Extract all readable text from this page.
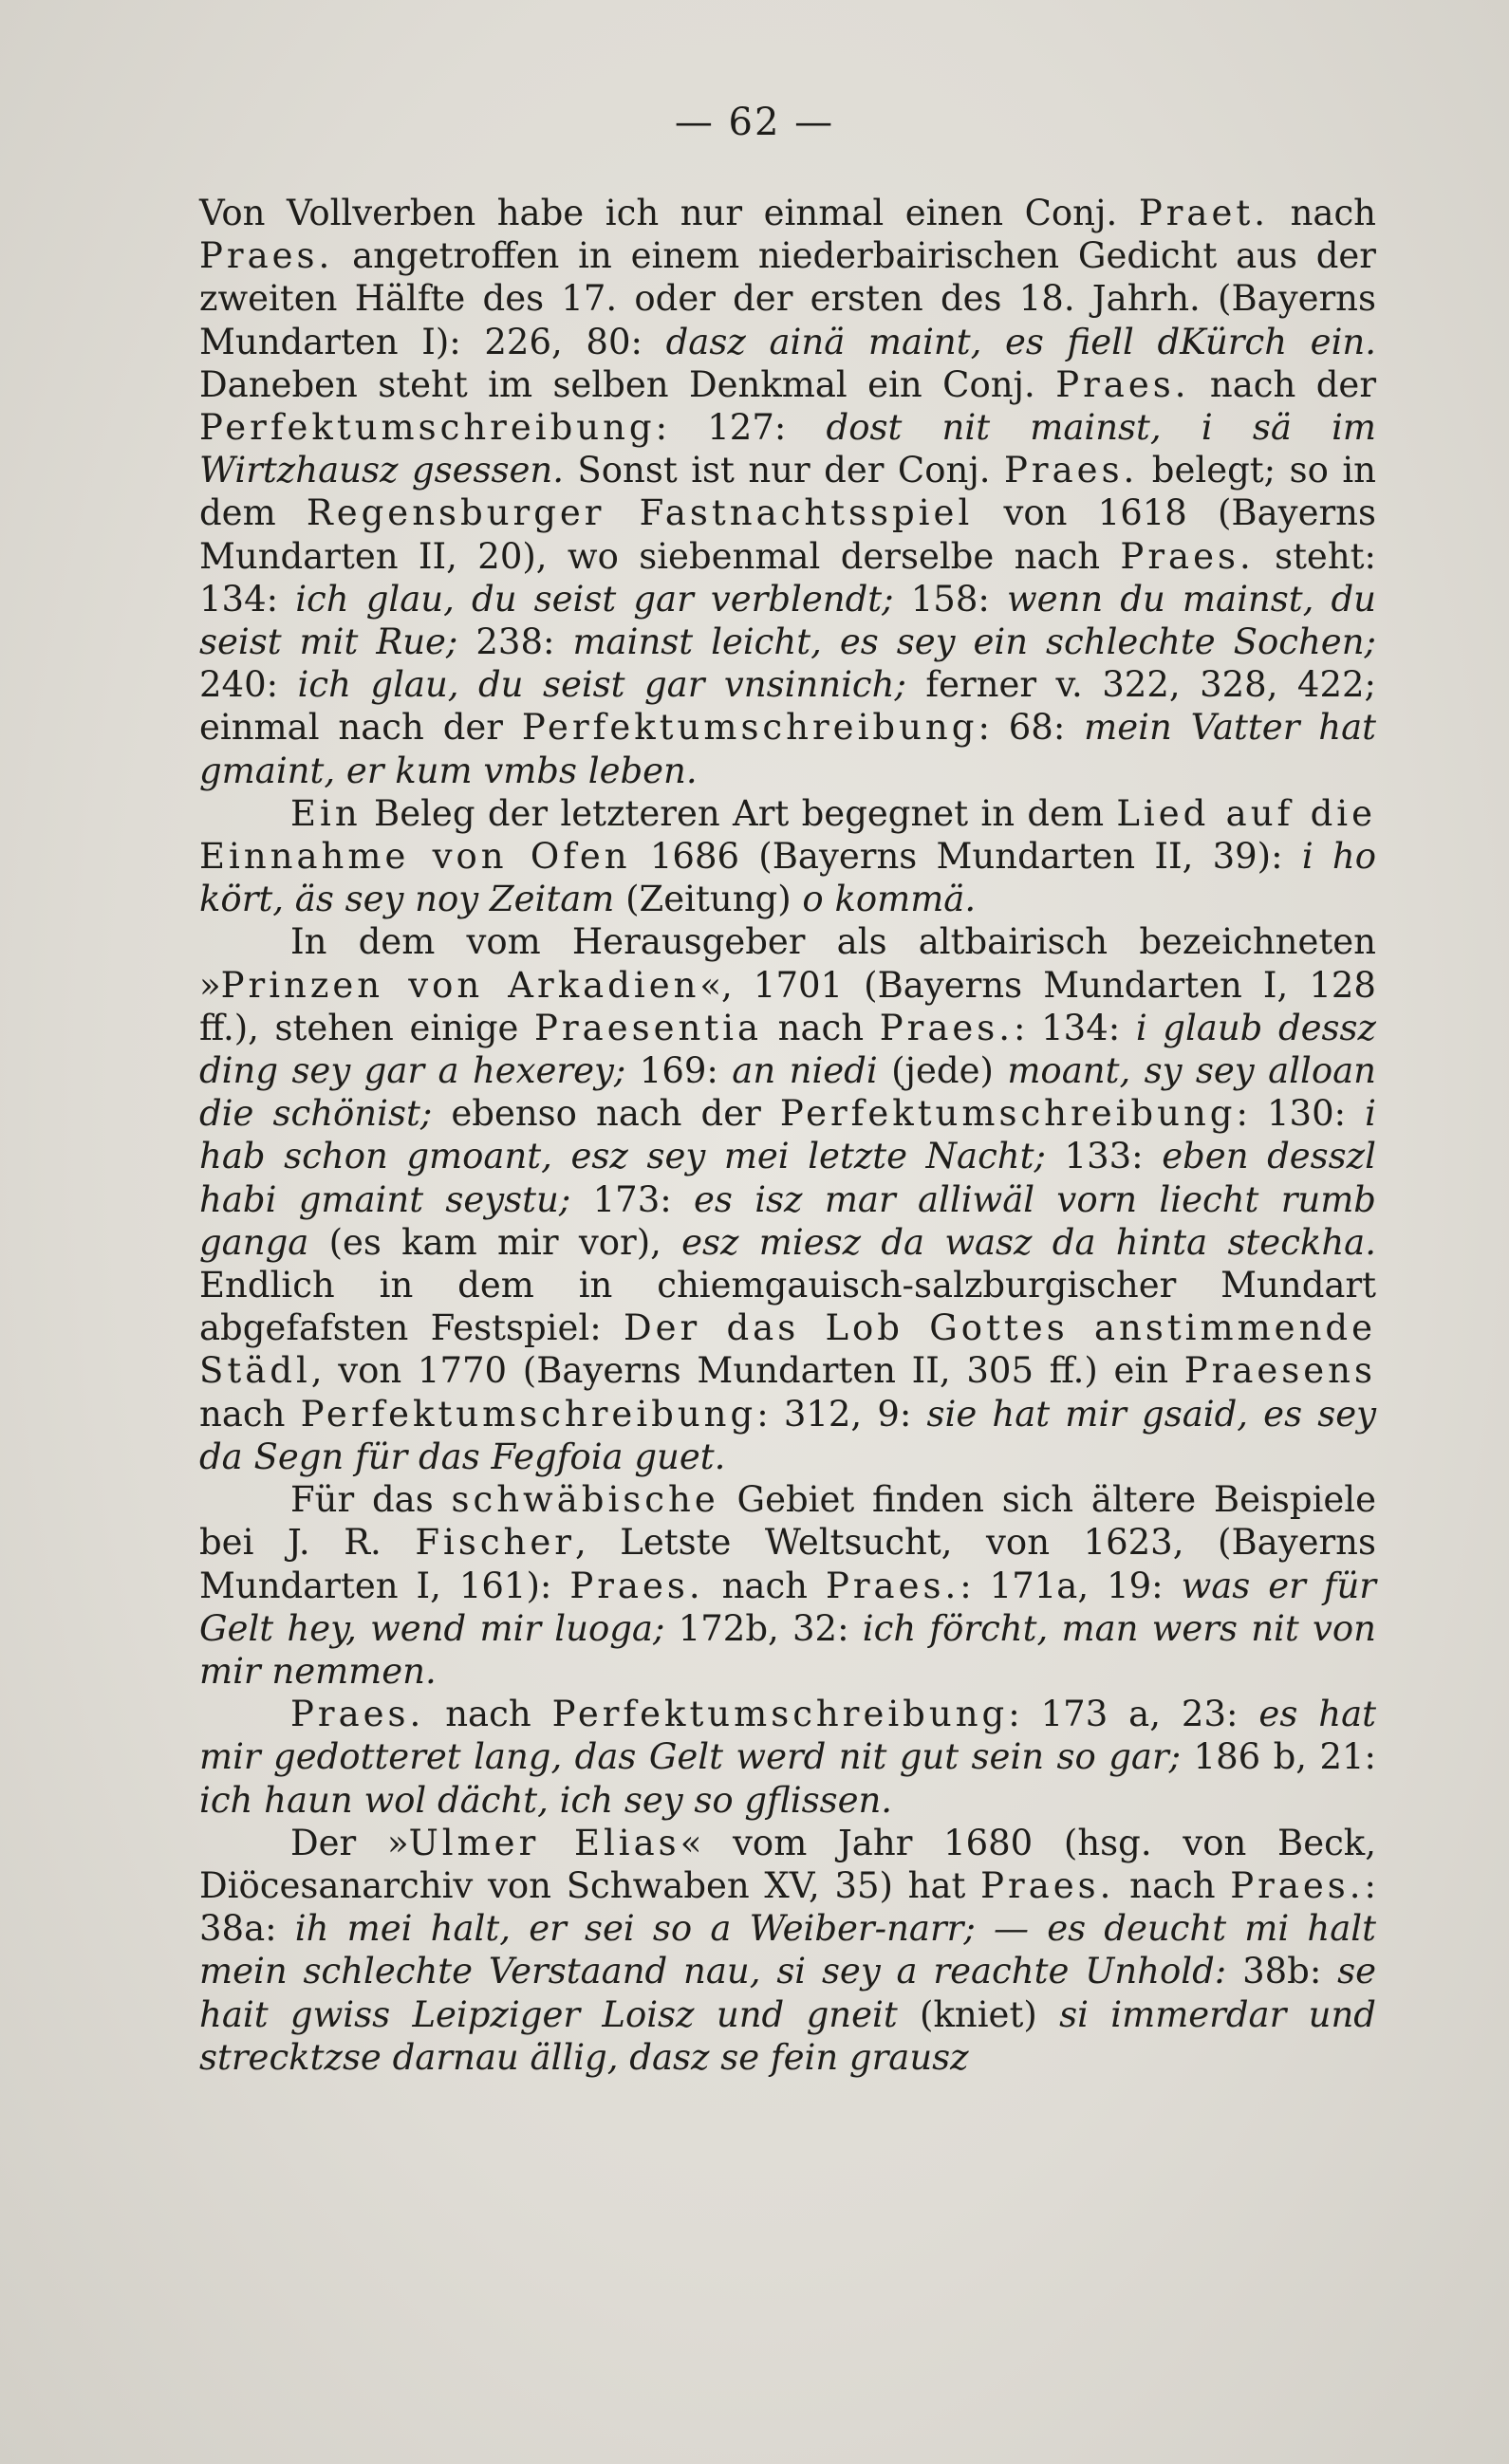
— 62 —

Von Vollverben habe ich nur einmal einen Conj. Praet. nach Praes. angetroffen in einem niederbairischen Gedicht aus der zweiten Hälfte des 17. oder der ersten des 18. Jahrh. (Bayerns Mundarten I): 226, 80: dasz ainä maint, es fiell dKürch ein. Daneben steht im selben Denkmal ein Conj. Praes. nach der Perfektumschreibung: 127: dost nit mainst, i sä im Wirtzhausz gsessen. Sonst ist nur der Conj. Praes. belegt; so in dem Regensburger Fastnachtsspiel von 1618 (Bayerns Mundarten II, 20), wo siebenmal derselbe nach Praes. steht: 134: ich glau, du seist gar verblendt; 158: wenn du mainst, du seist mit Rue; 238: mainst leicht, es sey ein schlechte Sochen; 240: ich glau, du seist gar vnsinnich; ferner v. 322, 328, 422; einmal nach der Perfektumschreibung: 68: mein Vatter hat gmaint, er kum vmbs leben.

Ein Beleg der letzteren Art begegnet in dem Lied auf die Einnahme von Ofen 1686 (Bayerns Mundarten II, 39): i ho kört, äs sey noy Zeitam (Zeitung) o kommä.

In dem vom Herausgeber als altbairisch bezeichneten »Prinzen von Arkadien«, 1701 (Bayerns Mundarten I, 128 ff.), stehen einige Praesentia nach Praes.: 134: i glaub dessz ding sey gar a hexerey; 169: an niedi (jede) moant, sy sey alloan die schönist; ebenso nach der Perfektumschreibung: 130: i hab schon gmoant, esz sey mei letzte Nacht; 133: eben desszl habi gmaint seystu; 173: es isz mar alliwäl vorn liecht rumb ganga (es kam mir vor), esz miesz da wasz da hinta steckha. Endlich in dem in chiemgauisch-salzburgischer Mundart abgefafsten Festspiel: Der das Lob Gottes anstimmende Städl, von 1770 (Bayerns Mundarten II, 305 ff.) ein Praesens nach Perfektumschreibung: 312, 9: sie hat mir gsaid, es sey da Segn für das Fegfoia guet.

Für das schwäbische Gebiet finden sich ältere Beispiele bei J. R. Fischer, Letste Weltsucht, von 1623, (Bayerns Mundarten I, 161): Praes. nach Praes.: 171a, 19: was er für Gelt hey, wend mir luoga; 172b, 32: ich förcht, man wers nit von mir nemmen.

Praes. nach Perfektumschreibung: 173 a, 23: es hat mir gedotteret lang, das Gelt werd nit gut sein so gar; 186 b, 21: ich haun wol dächt, ich sey so gflissen.

Der »Ulmer Elias« vom Jahr 1680 (hsg. von Beck, Diöcesanarchiv von Schwaben XV, 35) hat Praes. nach Praes.: 38a: ih mei halt, er sei so a Weiber-narr; — es deucht mi halt mein schlechte Verstaand nau, si sey a reachte Unhold: 38b: se hait gwiss Leipziger Loisz und gneit (kniet) si immerdar und strecktzse darnau ällig, dasz se fein grausz
